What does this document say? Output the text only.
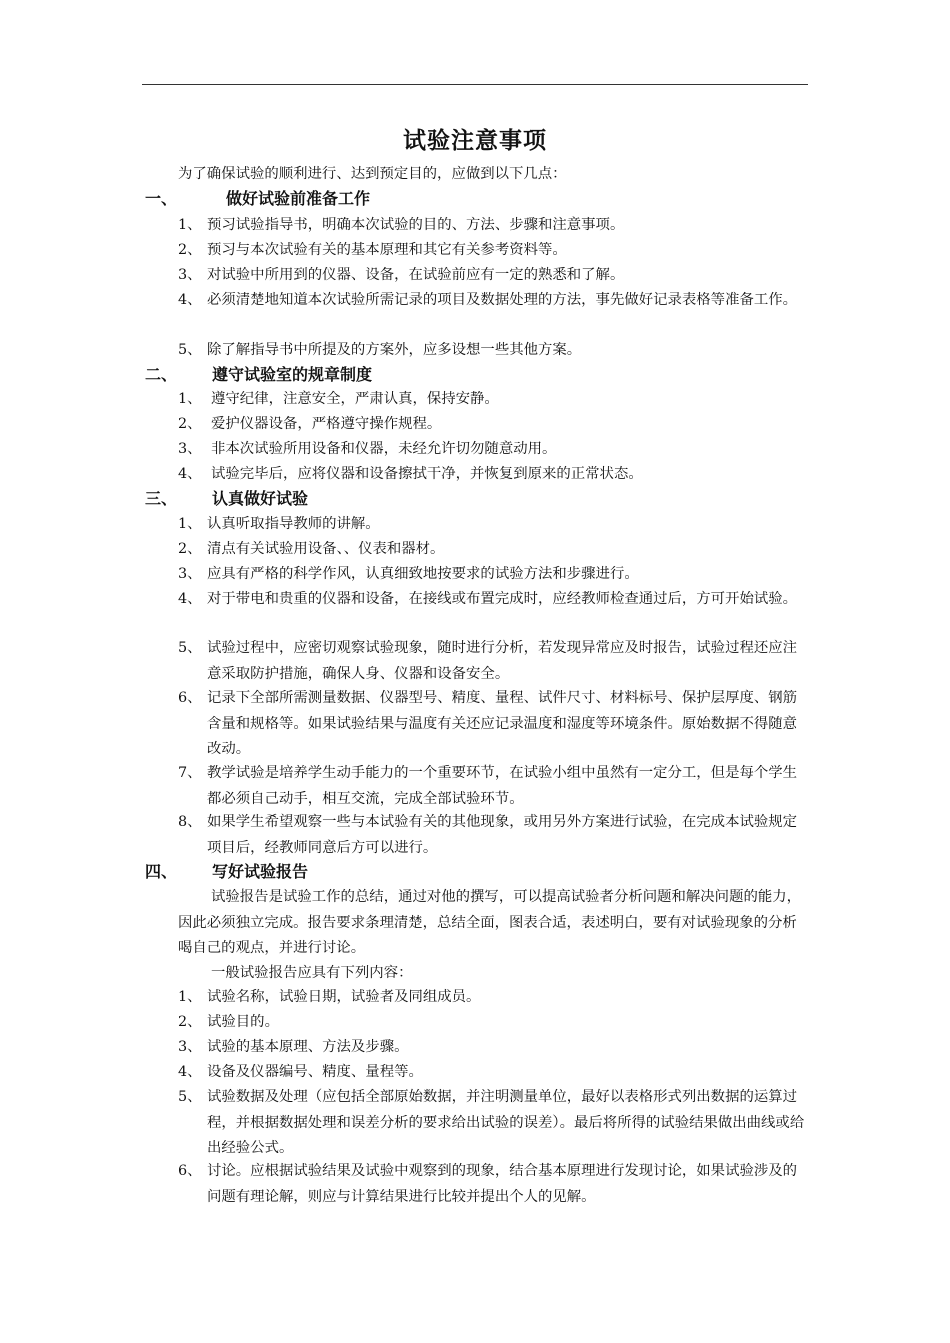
试验注意事项
为了确保试验的顺利进行、达到预定目的，应做到以下几点：
一、	做好试验前准备工作
1、 预习试验指导书，明确本次试验的目的、方法、步骤和注意事项。
2、 预习与本次试验有关的基本原理和其它有关参考资料等。
3、 对试验中所用到的仪器、设备，在试验前应有一定的熟悉和了解。
4、 必须清楚地知道本次试验所需记录的项目及数据处理的方法，事先做好记录表格等准备工作。
5、 除了解指导书中所提及的方案外，应多设想一些其他方案。
二、 遵守试验室的规章制度
1、 遵守纪律，注意安全，严肃认真，保持安静。
2、 爱护仪器设备，严格遵守操作规程。
3、 非本次试验所用设备和仪器，未经允许切勿随意动用。
4、 试验完毕后，应将仪器和设备擦拭干净，并恢复到原来的正常状态。
三、 认真做好试验
1、 认真听取指导教师的讲解。
2、 清点有关试验用设备、、仪表和器材。
3、 应具有严格的科学作风，认真细致地按要求的试验方法和步骤进行。
4、 对于带电和贵重的仪器和设备，在接线或布置完成时，应经教师检查通过后，方可开始试验。
5、 试验过程中，应密切观察试验现象，随时进行分析，若发现异常应及时报告，试验过程还应注意采取防护措施，确保人身、仪器和设备安全。
6、 记录下全部所需测量数据、仪器型号、精度、量程、试件尺寸、材料标号、保护层厚度、钢筋含量和规格等。如果试验结果与温度有关还应记录温度和湿度等环境条件。原始数据不得随意改动。
7、 教学试验是培养学生动手能力的一个重要环节，在试验小组中虽然有一定分工，但是每个学生都必须自己动手，相互交流，完成全部试验环节。
8、 如果学生希望观察一些与本试验有关的其他现象，或用另外方案进行试验，在完成本试验规定项目后，经教师同意后方可以进行。
四、 写好试验报告
试验报告是试验工作的总结，通过对他的撰写，可以提高试验者分析问题和解决问题的能力，因此必须独立完成。报告要求条理清楚，总结全面，图表合适，表述明白，要有对试验现象的分析喝自己的观点，并进行讨论。
一般试验报告应具有下列内容：
1、 试验名称，试验日期，试验者及同组成员。
2、 试验目的。
3、 试验的基本原理、方法及步骤。
4、 设备及仪器编号、精度、量程等。
5、 试验数据及处理（应包括全部原始数据，并注明测量单位，最好以表格形式列出数据的运算过程，并根据数据处理和误差分析的要求给出试验的误差）。最后将所得的试验结果做出曲线或给出经验公式。
6、 讨论。应根据试验结果及试验中观察到的现象，结合基本原理进行发现讨论，如果试验涉及的问题有理论解，则应与计算结果进行比较并提出个人的见解。
